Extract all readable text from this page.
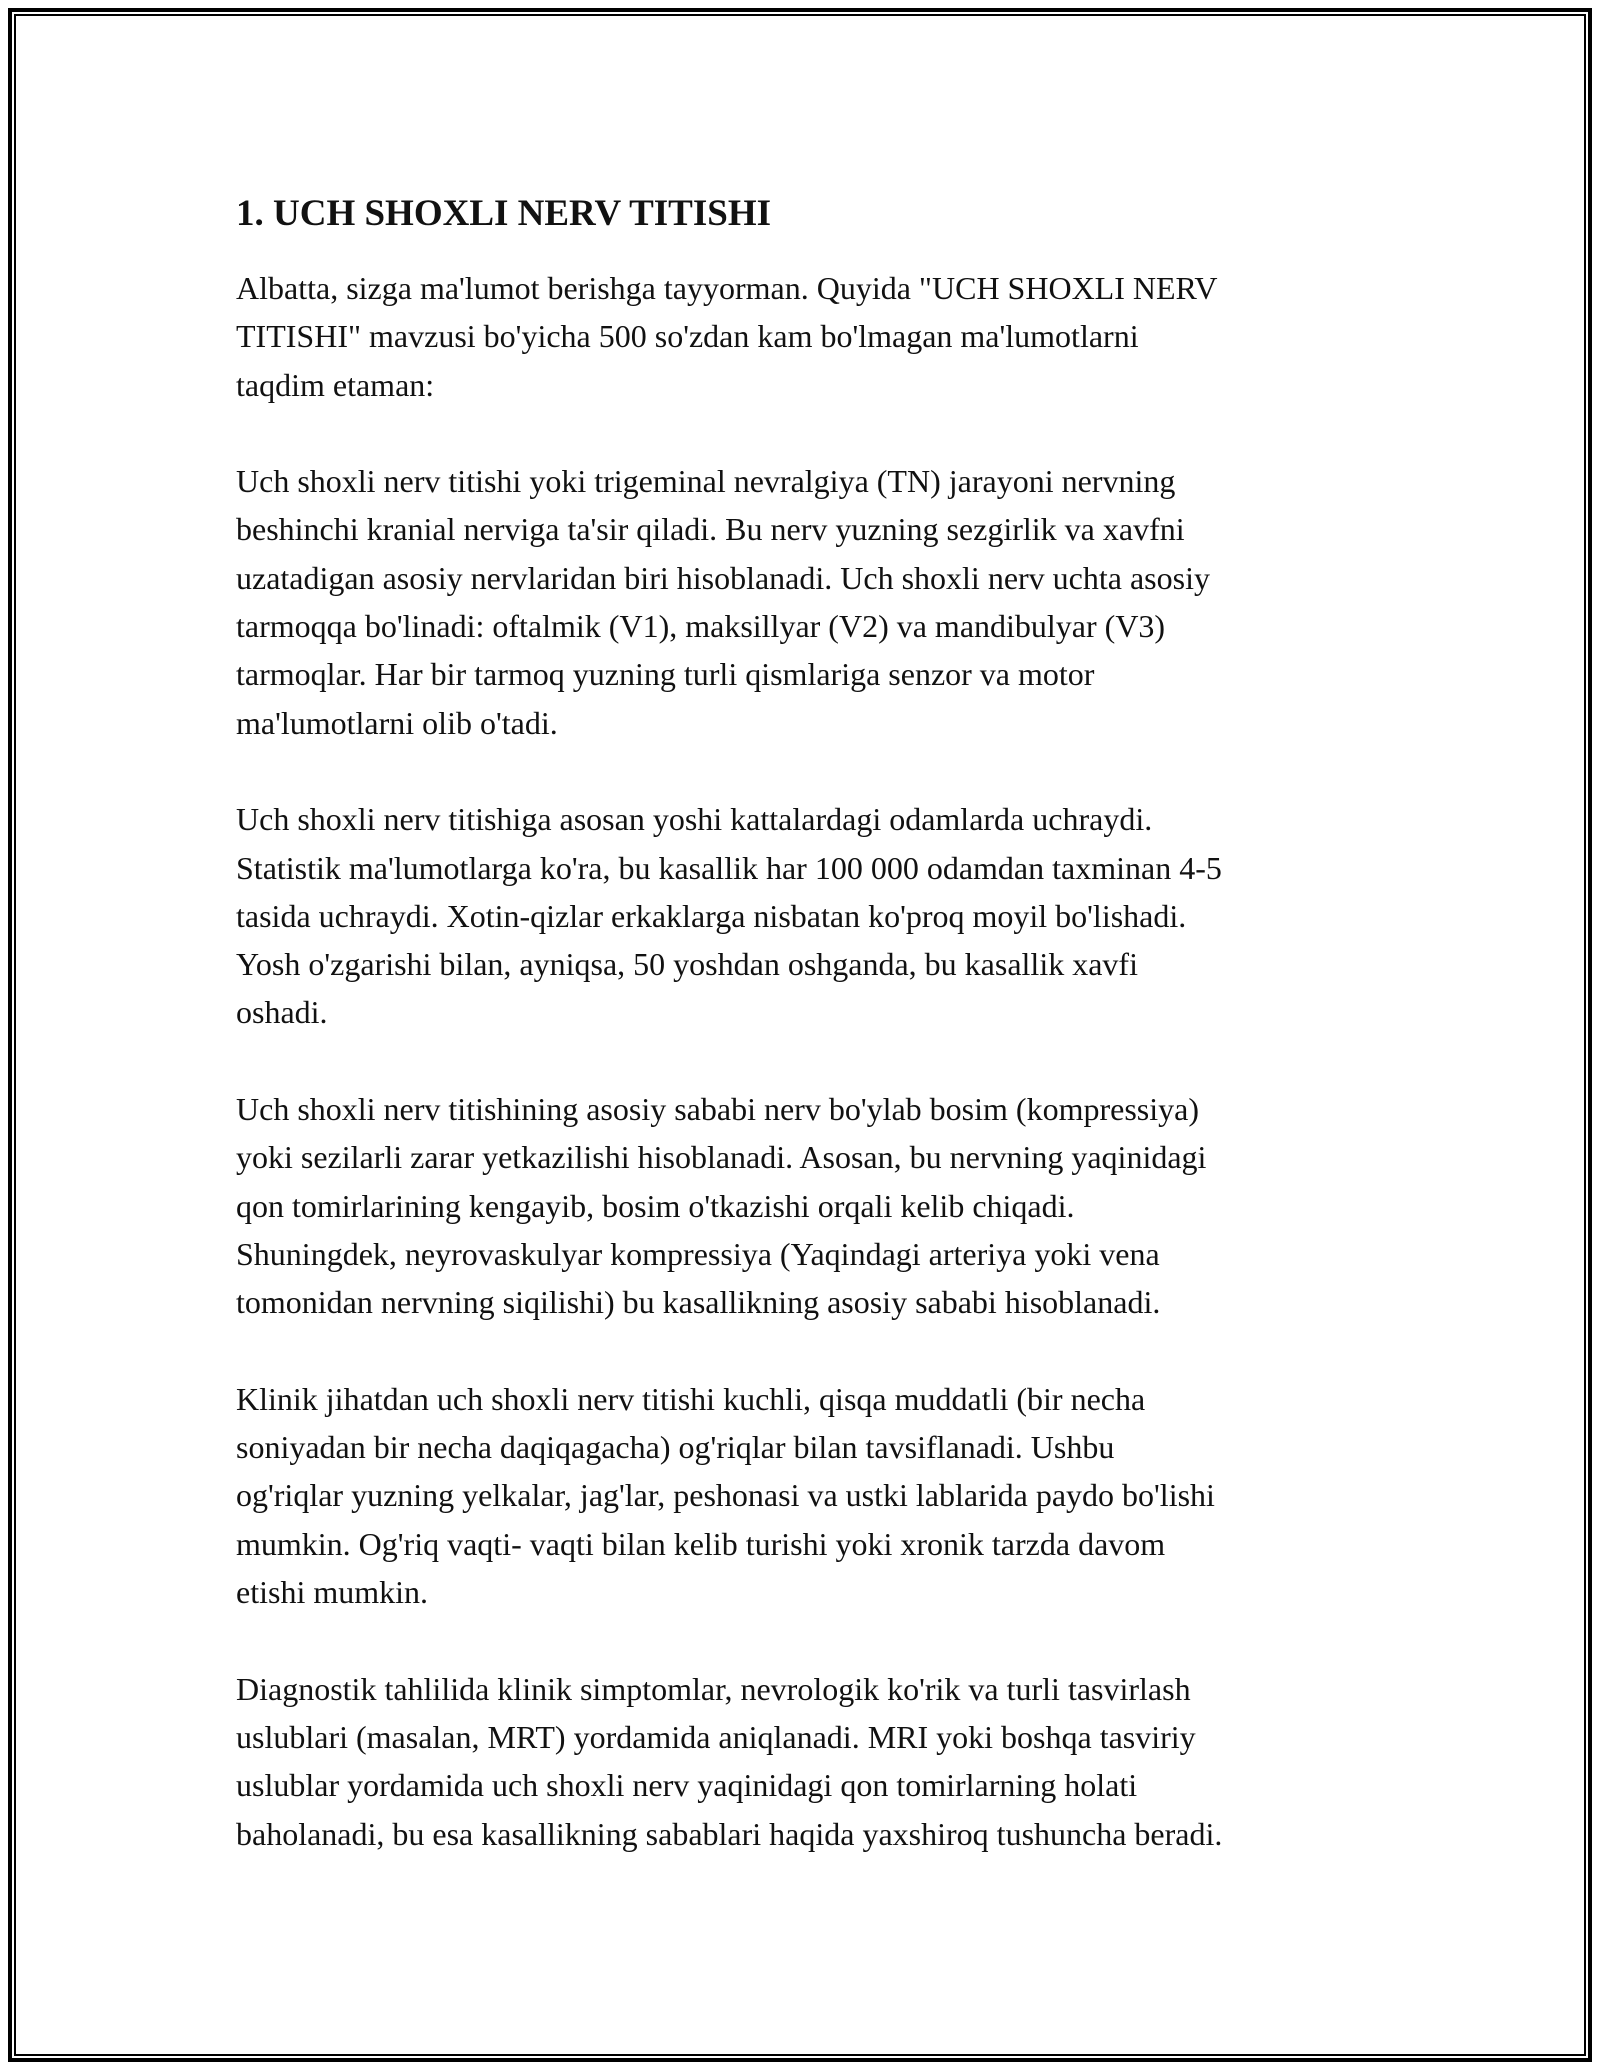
1. UCH SHOXLI NERV TITISHI

Albatta, sizga ma'lumot berishga tayyorman. Quyida "UCH SHOXLI NERV
TITISHI" mavzusi bo'yicha 500 so'zdan kam bo'lmagan ma'lumotlarni
taqdim etaman:

Uch shoxli nerv titishi yoki trigeminal nevralgiya (TN) jarayoni nervning
beshinchi kranial nerviga ta'sir qiladi. Bu nerv yuzning sezgirlik va xavfni
uzatadigan asosiy nervlaridan biri hisoblanadi. Uch shoxli nerv uchta asosiy
tarmoqqa bo'linadi: oftalmik (V1), maksillyar (V2) va mandibulyar (V3)
tarmoqlar. Har bir tarmoq yuzning turli qismlariga senzor va motor
ma'lumotlarni olib o'tadi.

Uch shoxli nerv titishiga asosan yoshi kattalardagi odamlarda uchraydi.
Statistik ma'lumotlarga ko'ra, bu kasallik har 100 000 odamdan taxminan 4-5
tasida uchraydi. Xotin-qizlar erkaklarga nisbatan ko'proq moyil bo'lishadi.
Yosh o'zgarishi bilan, ayniqsa, 50 yoshdan oshganda, bu kasallik xavfi
oshadi.

Uch shoxli nerv titishining asosiy sababi nerv bo'ylab bosim (kompressiya)
yoki sezilarli zarar yetkazilishi hisoblanadi. Asosan, bu nervning yaqinidagi
qon tomirlarining kengayib, bosim o'tkazishi orqali kelib chiqadi.
Shuningdek, neyrovaskulyar kompressiya (Yaqindagi arteriya yoki vena
tomonidan nervning siqilishi) bu kasallikning asosiy sababi hisoblanadi.

Klinik jihatdan uch shoxli nerv titishi kuchli, qisqa muddatli (bir necha
soniyadan bir necha daqiqagacha) og'riqlar bilan tavsiflanadi. Ushbu
og'riqlar yuzning yelkalar, jag'lar, peshonasi va ustki lablarida paydo bo'lishi
mumkin. Og'riq vaqti- vaqti bilan kelib turishi yoki xronik tarzda davom
etishi mumkin.

Diagnostik tahlilida klinik simptomlar, nevrologik ko'rik va turli tasvirlash
uslublari (masalan, MRT) yordamida aniqlanadi. MRI yoki boshqa tasviriy
uslublar yordamida uch shoxli nerv yaqinidagi qon tomirlarning holati
baholanadi, bu esa kasallikning sabablari haqida yaxshiroq tushuncha beradi.
